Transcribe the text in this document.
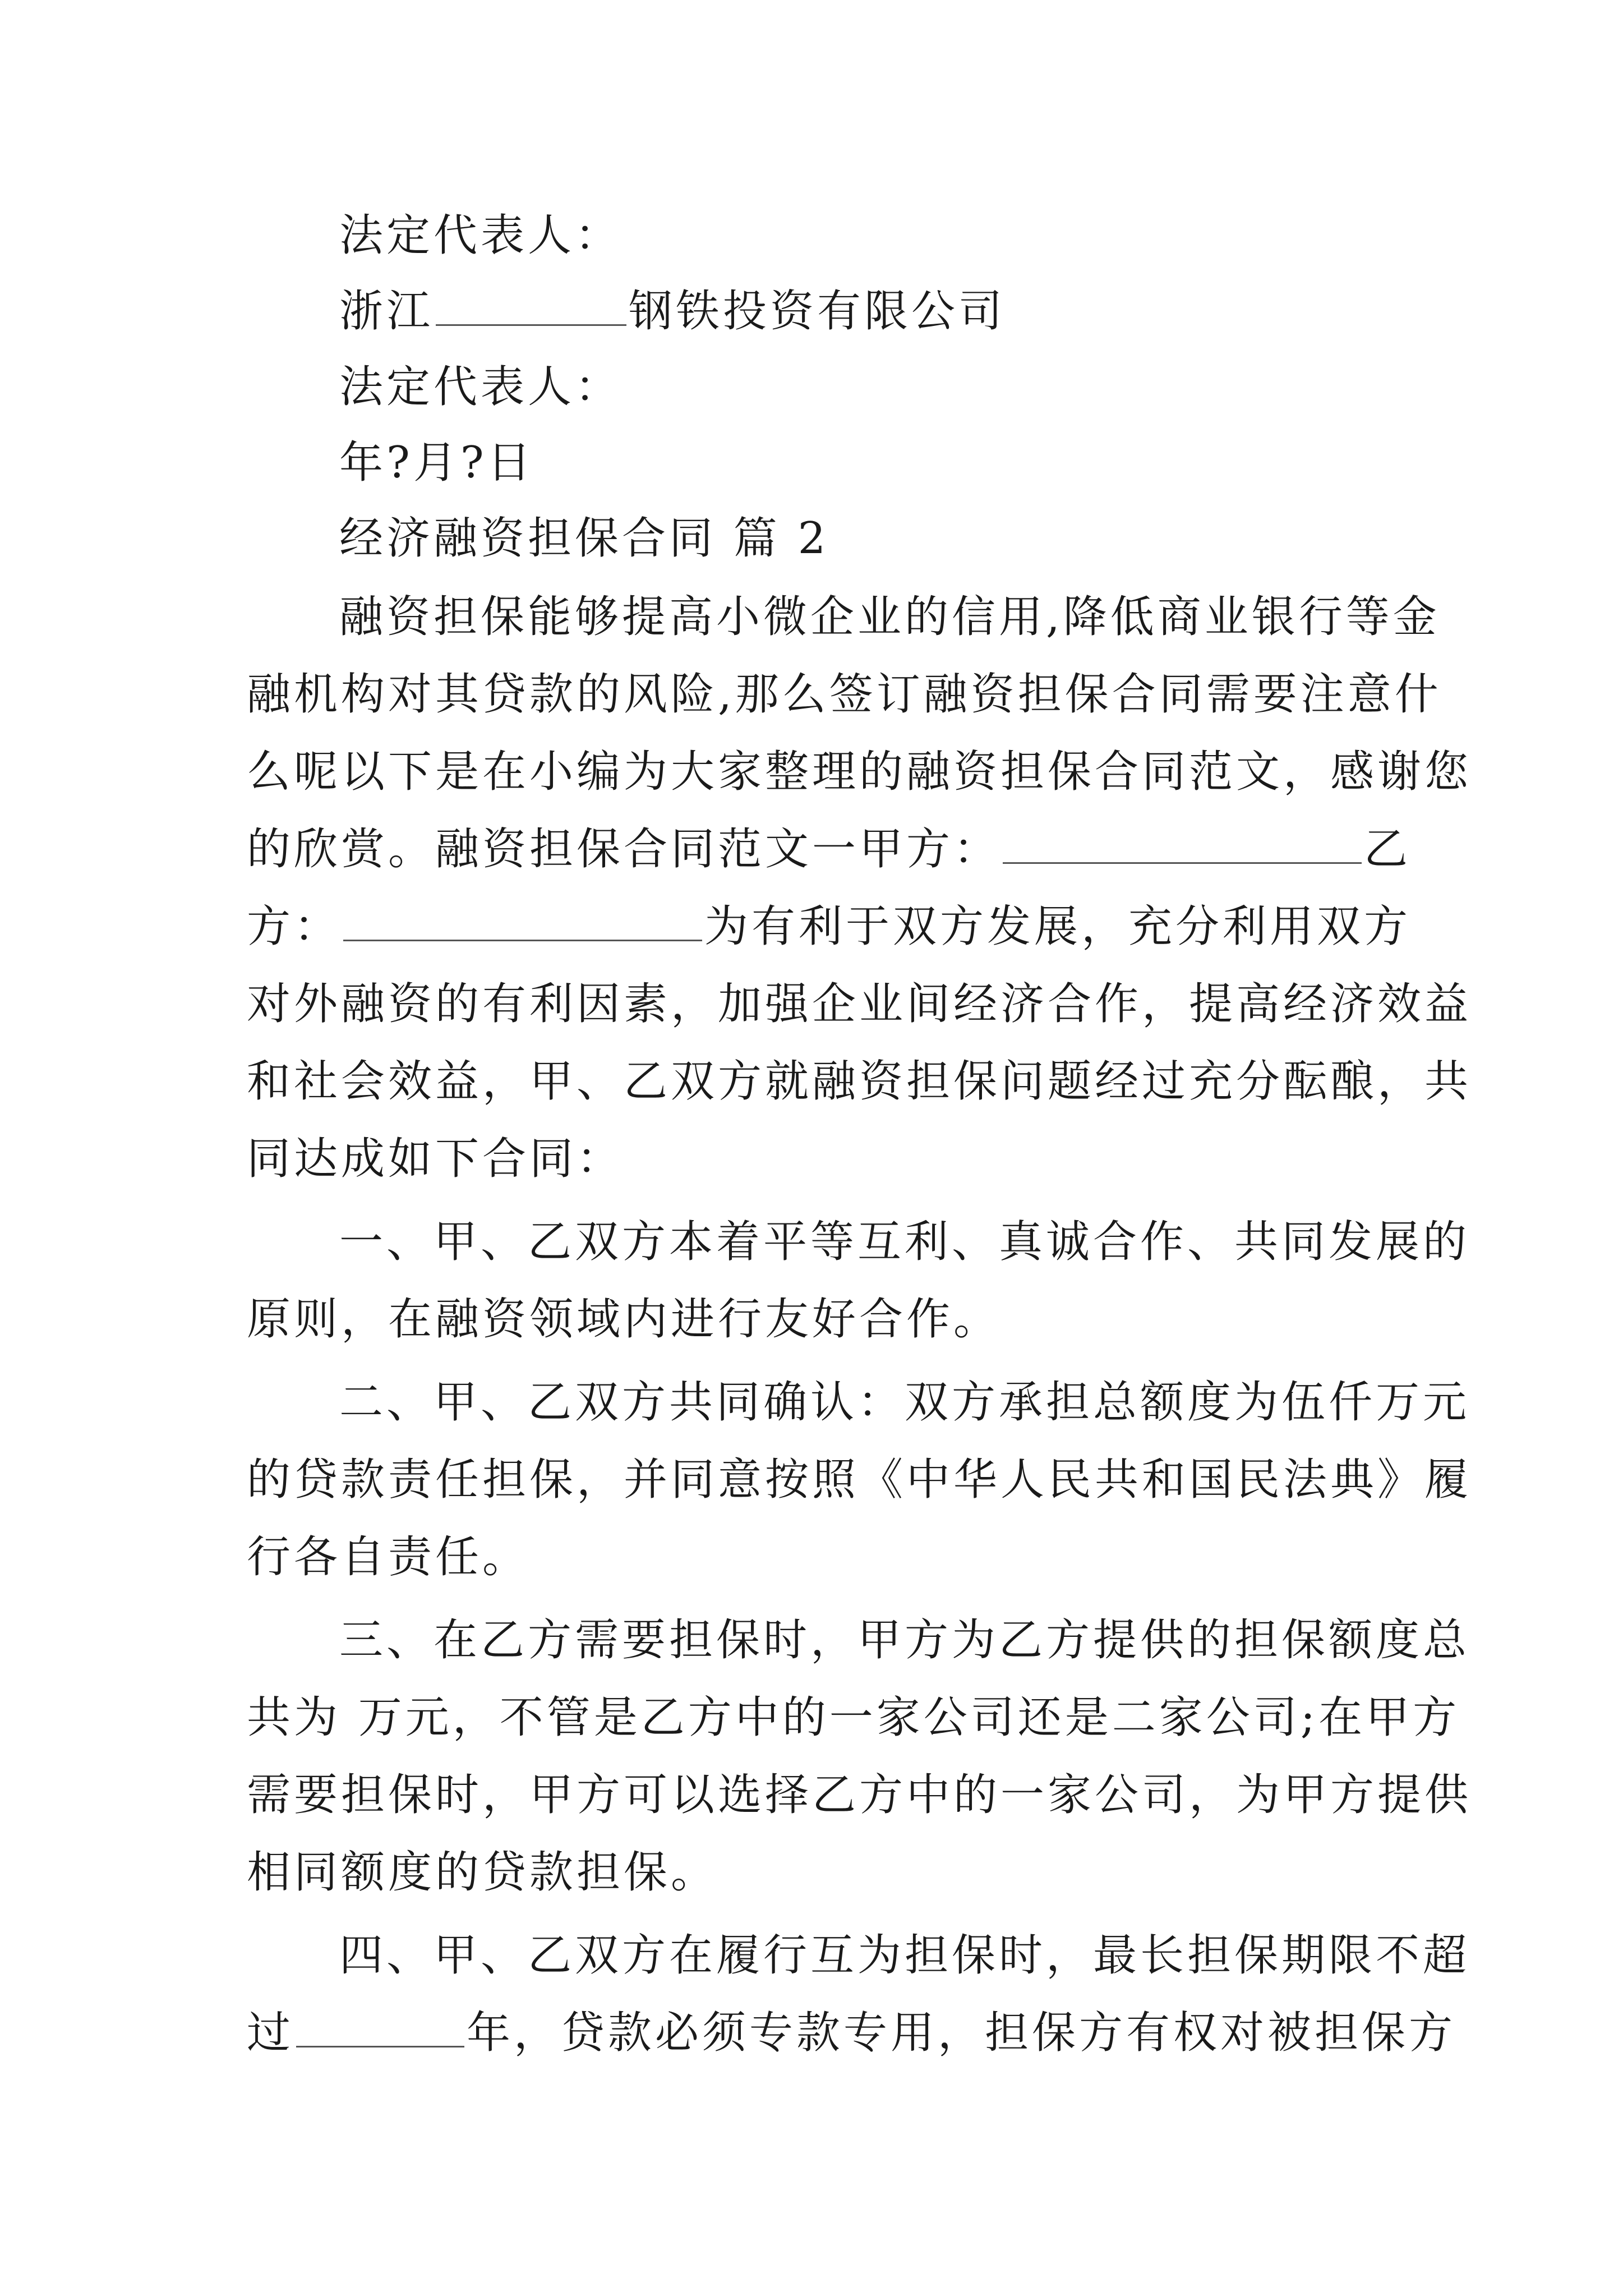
法定代表人：

浙江	钢铁投资有限公司

法定代表人：

年?月?日

经济融资担保合同 篇 2

融资担保能够提高小微企业的信用,降低商业银行等金

融机构对其贷款的风险,那么签订融资担保合同需要注意什

么呢以下是在小编为大家整理的融资担保合同范文，感谢您

的欣赏。融资担保合同范文一甲方：	乙

方：	为有利于双方发展，充分利用双方

对外融资的有利因素，加强企业间经济合作，提高经济效益

和社会效益，甲、乙双方就融资担保问题经过充分酝酿，共

同达成如下合同：

一、甲、乙双方本着平等互利、真诚合作、共同发展的

原则，在融资领域内进行友好合作。

二、甲、乙双方共同确认：双方承担总额度为伍仟万元

的贷款责任担保，并同意按照《中华人民共和国民法典》履

行各自责任。

三、在乙方需要担保时，甲方为乙方提供的担保额度总

共为 万元，不管是乙方中的一家公司还是二家公司;在甲方

需要担保时，甲方可以选择乙方中的一家公司，为甲方提供

相同额度的贷款担保。

四、甲、乙双方在履行互为担保时，最长担保期限不超

过	年，贷款必须专款专用，担保方有权对被担保方
